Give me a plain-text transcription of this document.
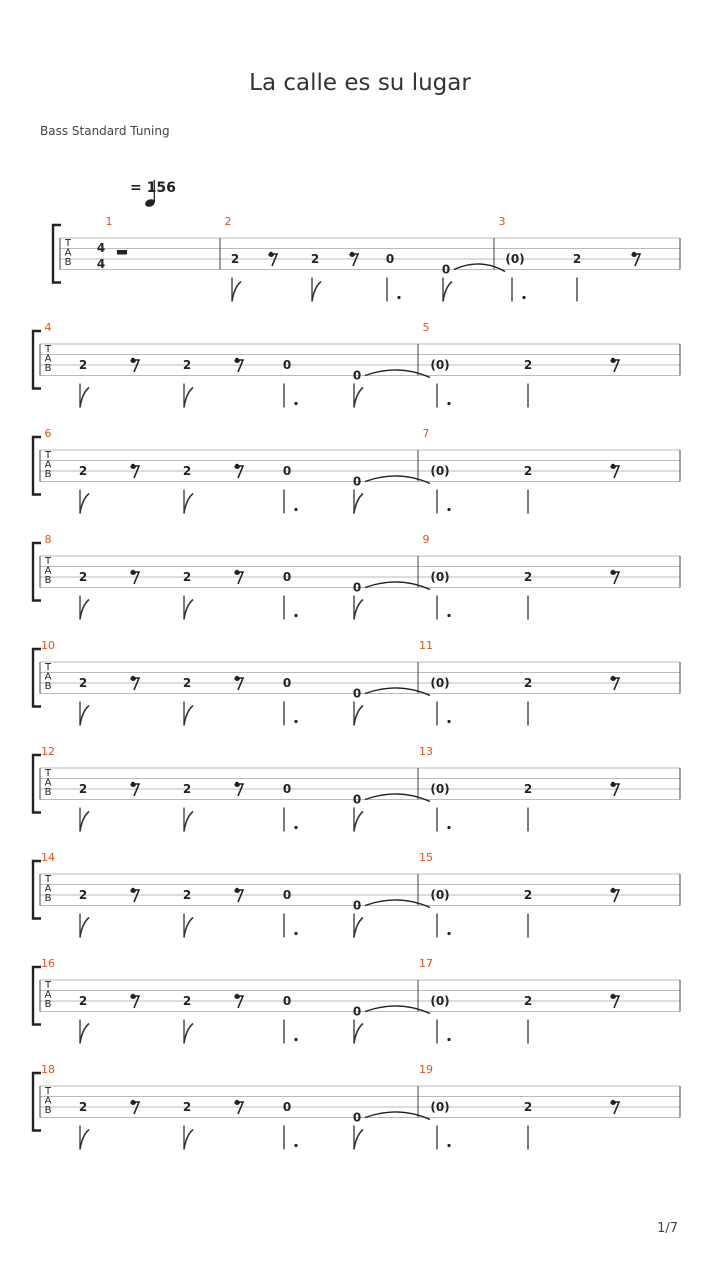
La calle es su lugar
Bass Standard Tuning
= 156
T
A
B
1	2	3
4
4	2	2	0
0
(0)	2
T
A
B
4	5
2	2	0
0
(0)	2
T
A
B
6	7
2	2	0
0
(0)	2
T
A
B
8	9
2	2	0
0
(0)	2
T
A
B
10	11
2	2	0
0
(0)	2
T
A
B
12	13
2	2	0
0
(0)	2
T
A
B
14	15
2	2	0
0
(0)	2
T
A
B
16	17
2	2	0
0
(0)	2
T
A
B
18	19
2	2	0
0
(0)	2
1/7
